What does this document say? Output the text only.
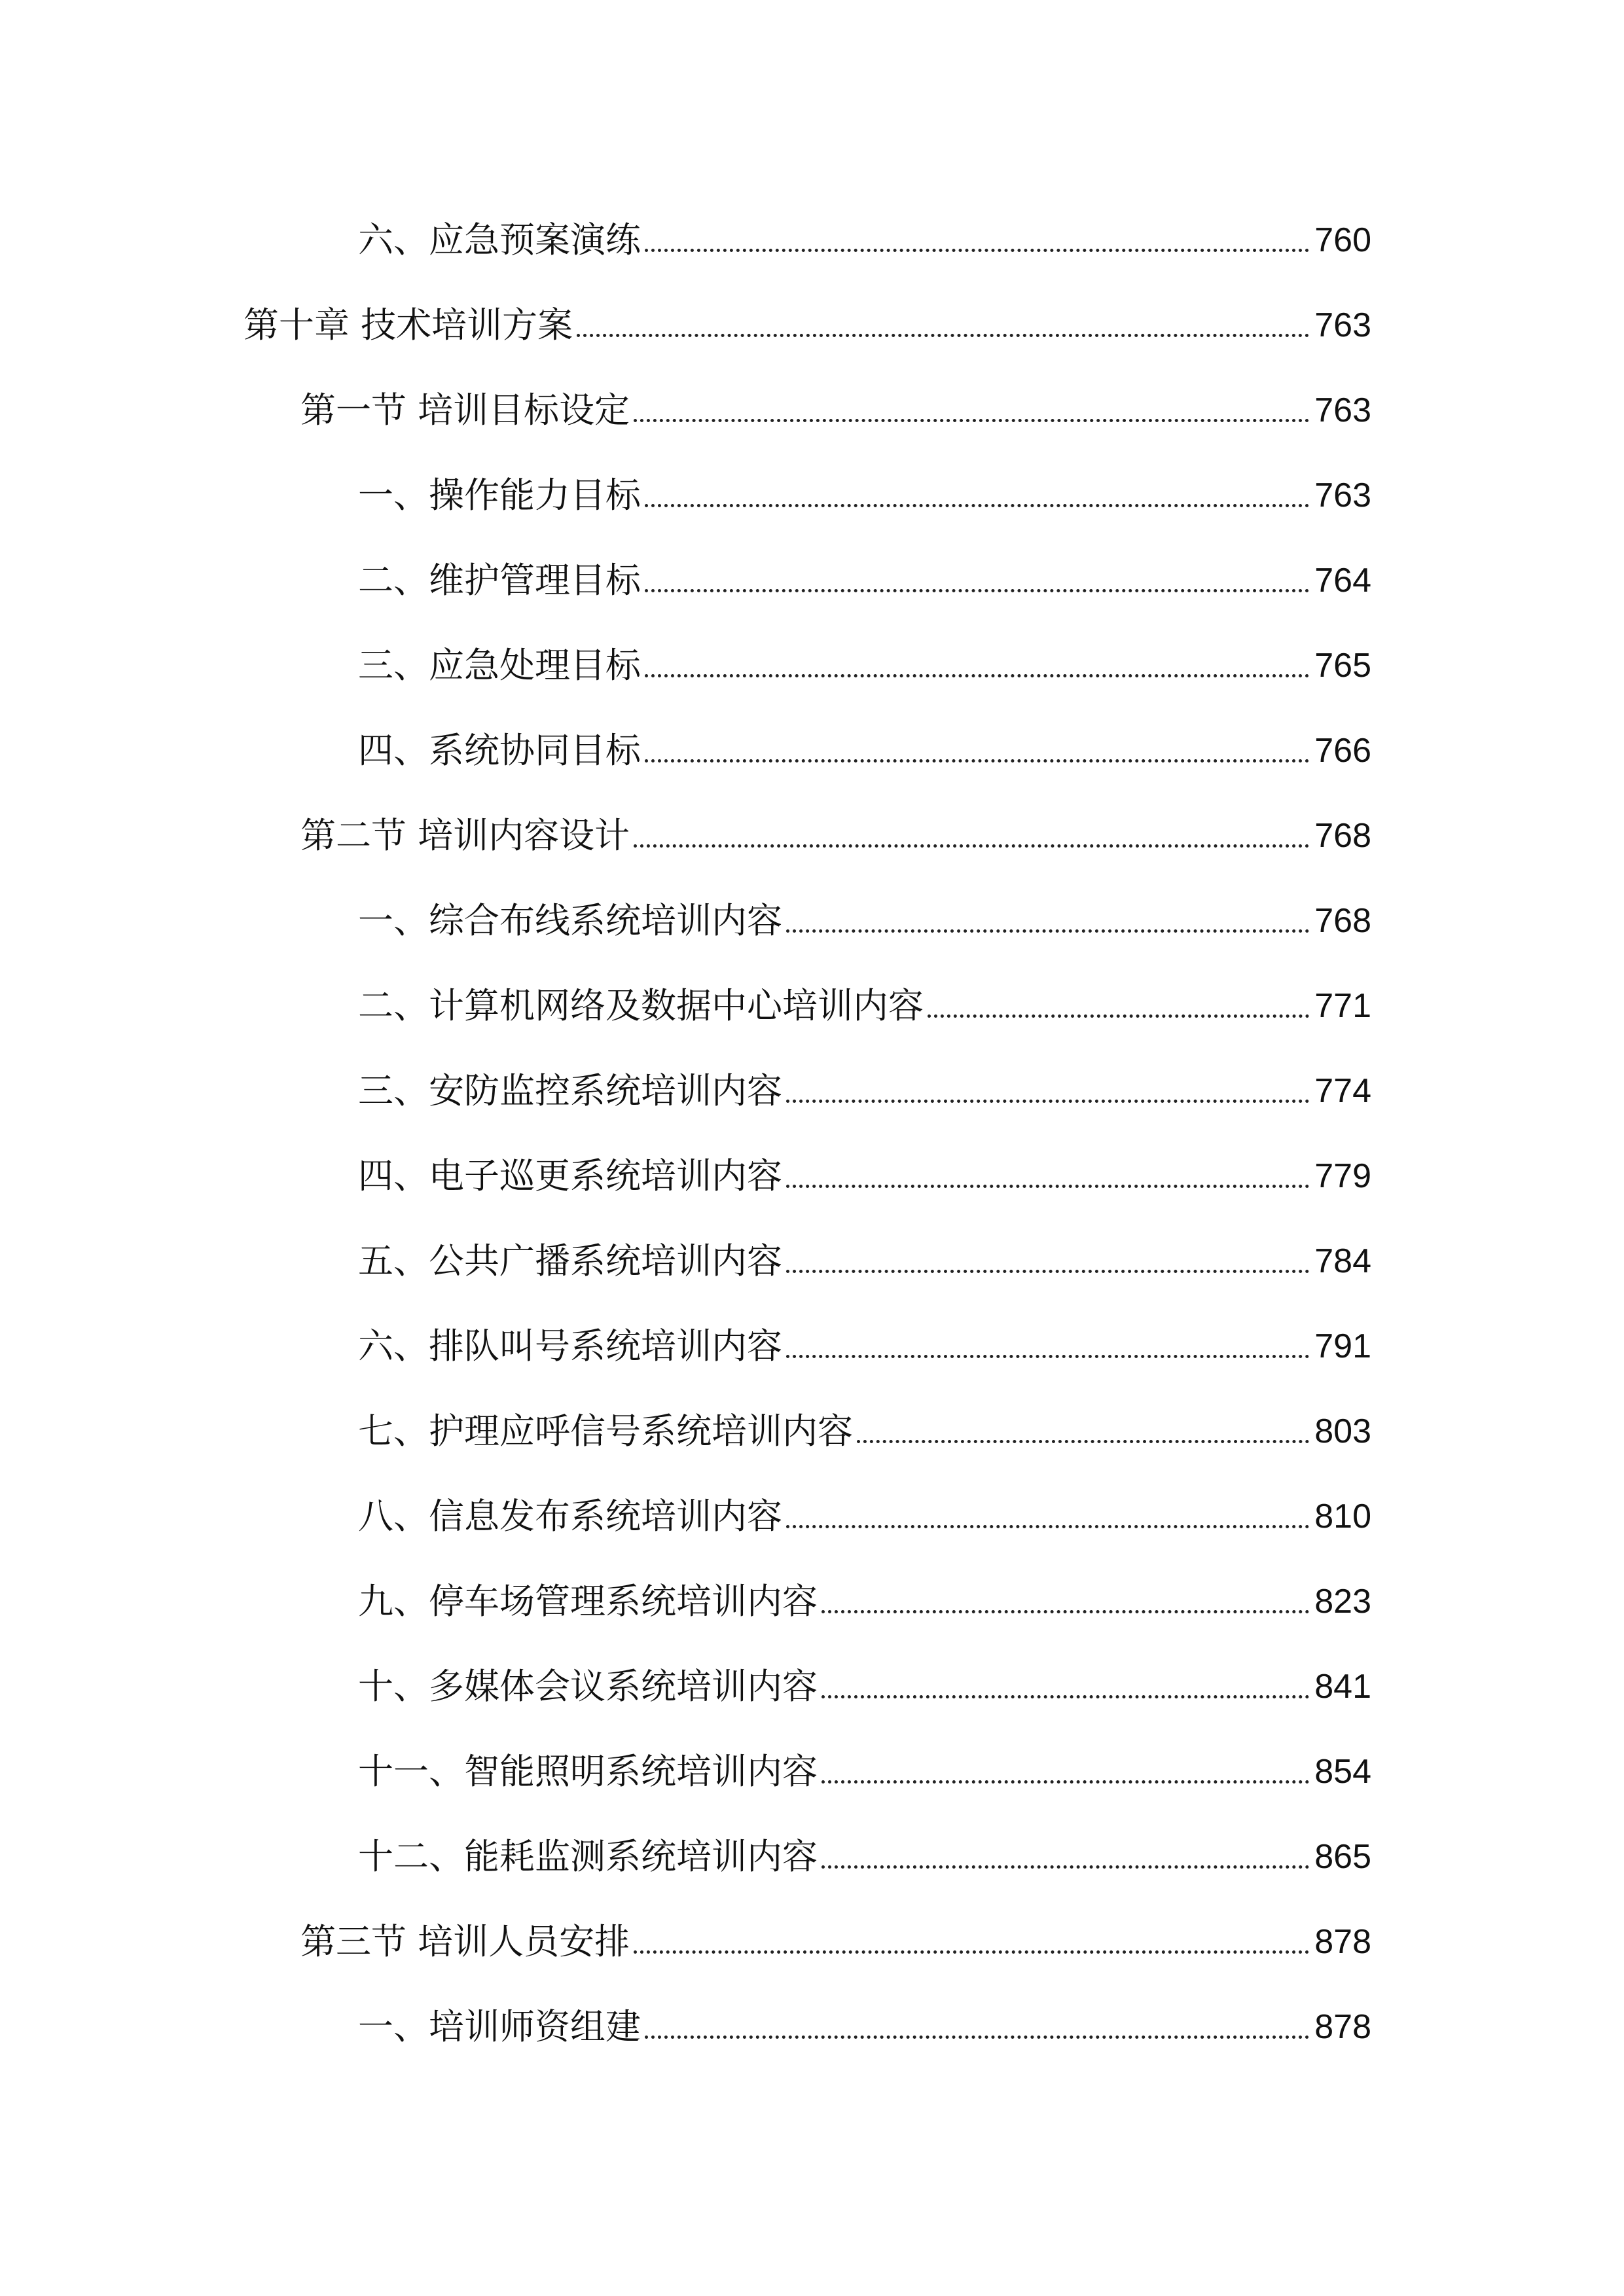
六、应急预案演练	760
第十章 技术培训方案	763
第一节 培训目标设定	763
一、操作能力目标	763
二、维护管理目标	764
三、应急处理目标	765
四、系统协同目标	766
第二节 培训内容设计	768
一、综合布线系统培训内容	768
二、计算机网络及数据中心培训内容	771
三、安防监控系统培训内容	774
四、电子巡更系统培训内容	779
五、公共广播系统培训内容	784
六、排队叫号系统培训内容	791
七、护理应呼信号系统培训内容	803
八、信息发布系统培训内容	810
九、停车场管理系统培训内容	823
十、多媒体会议系统培训内容	841
十一、智能照明系统培训内容	854
十二、能耗监测系统培训内容	865
第三节 培训人员安排	878
一、培训师资组建	878
